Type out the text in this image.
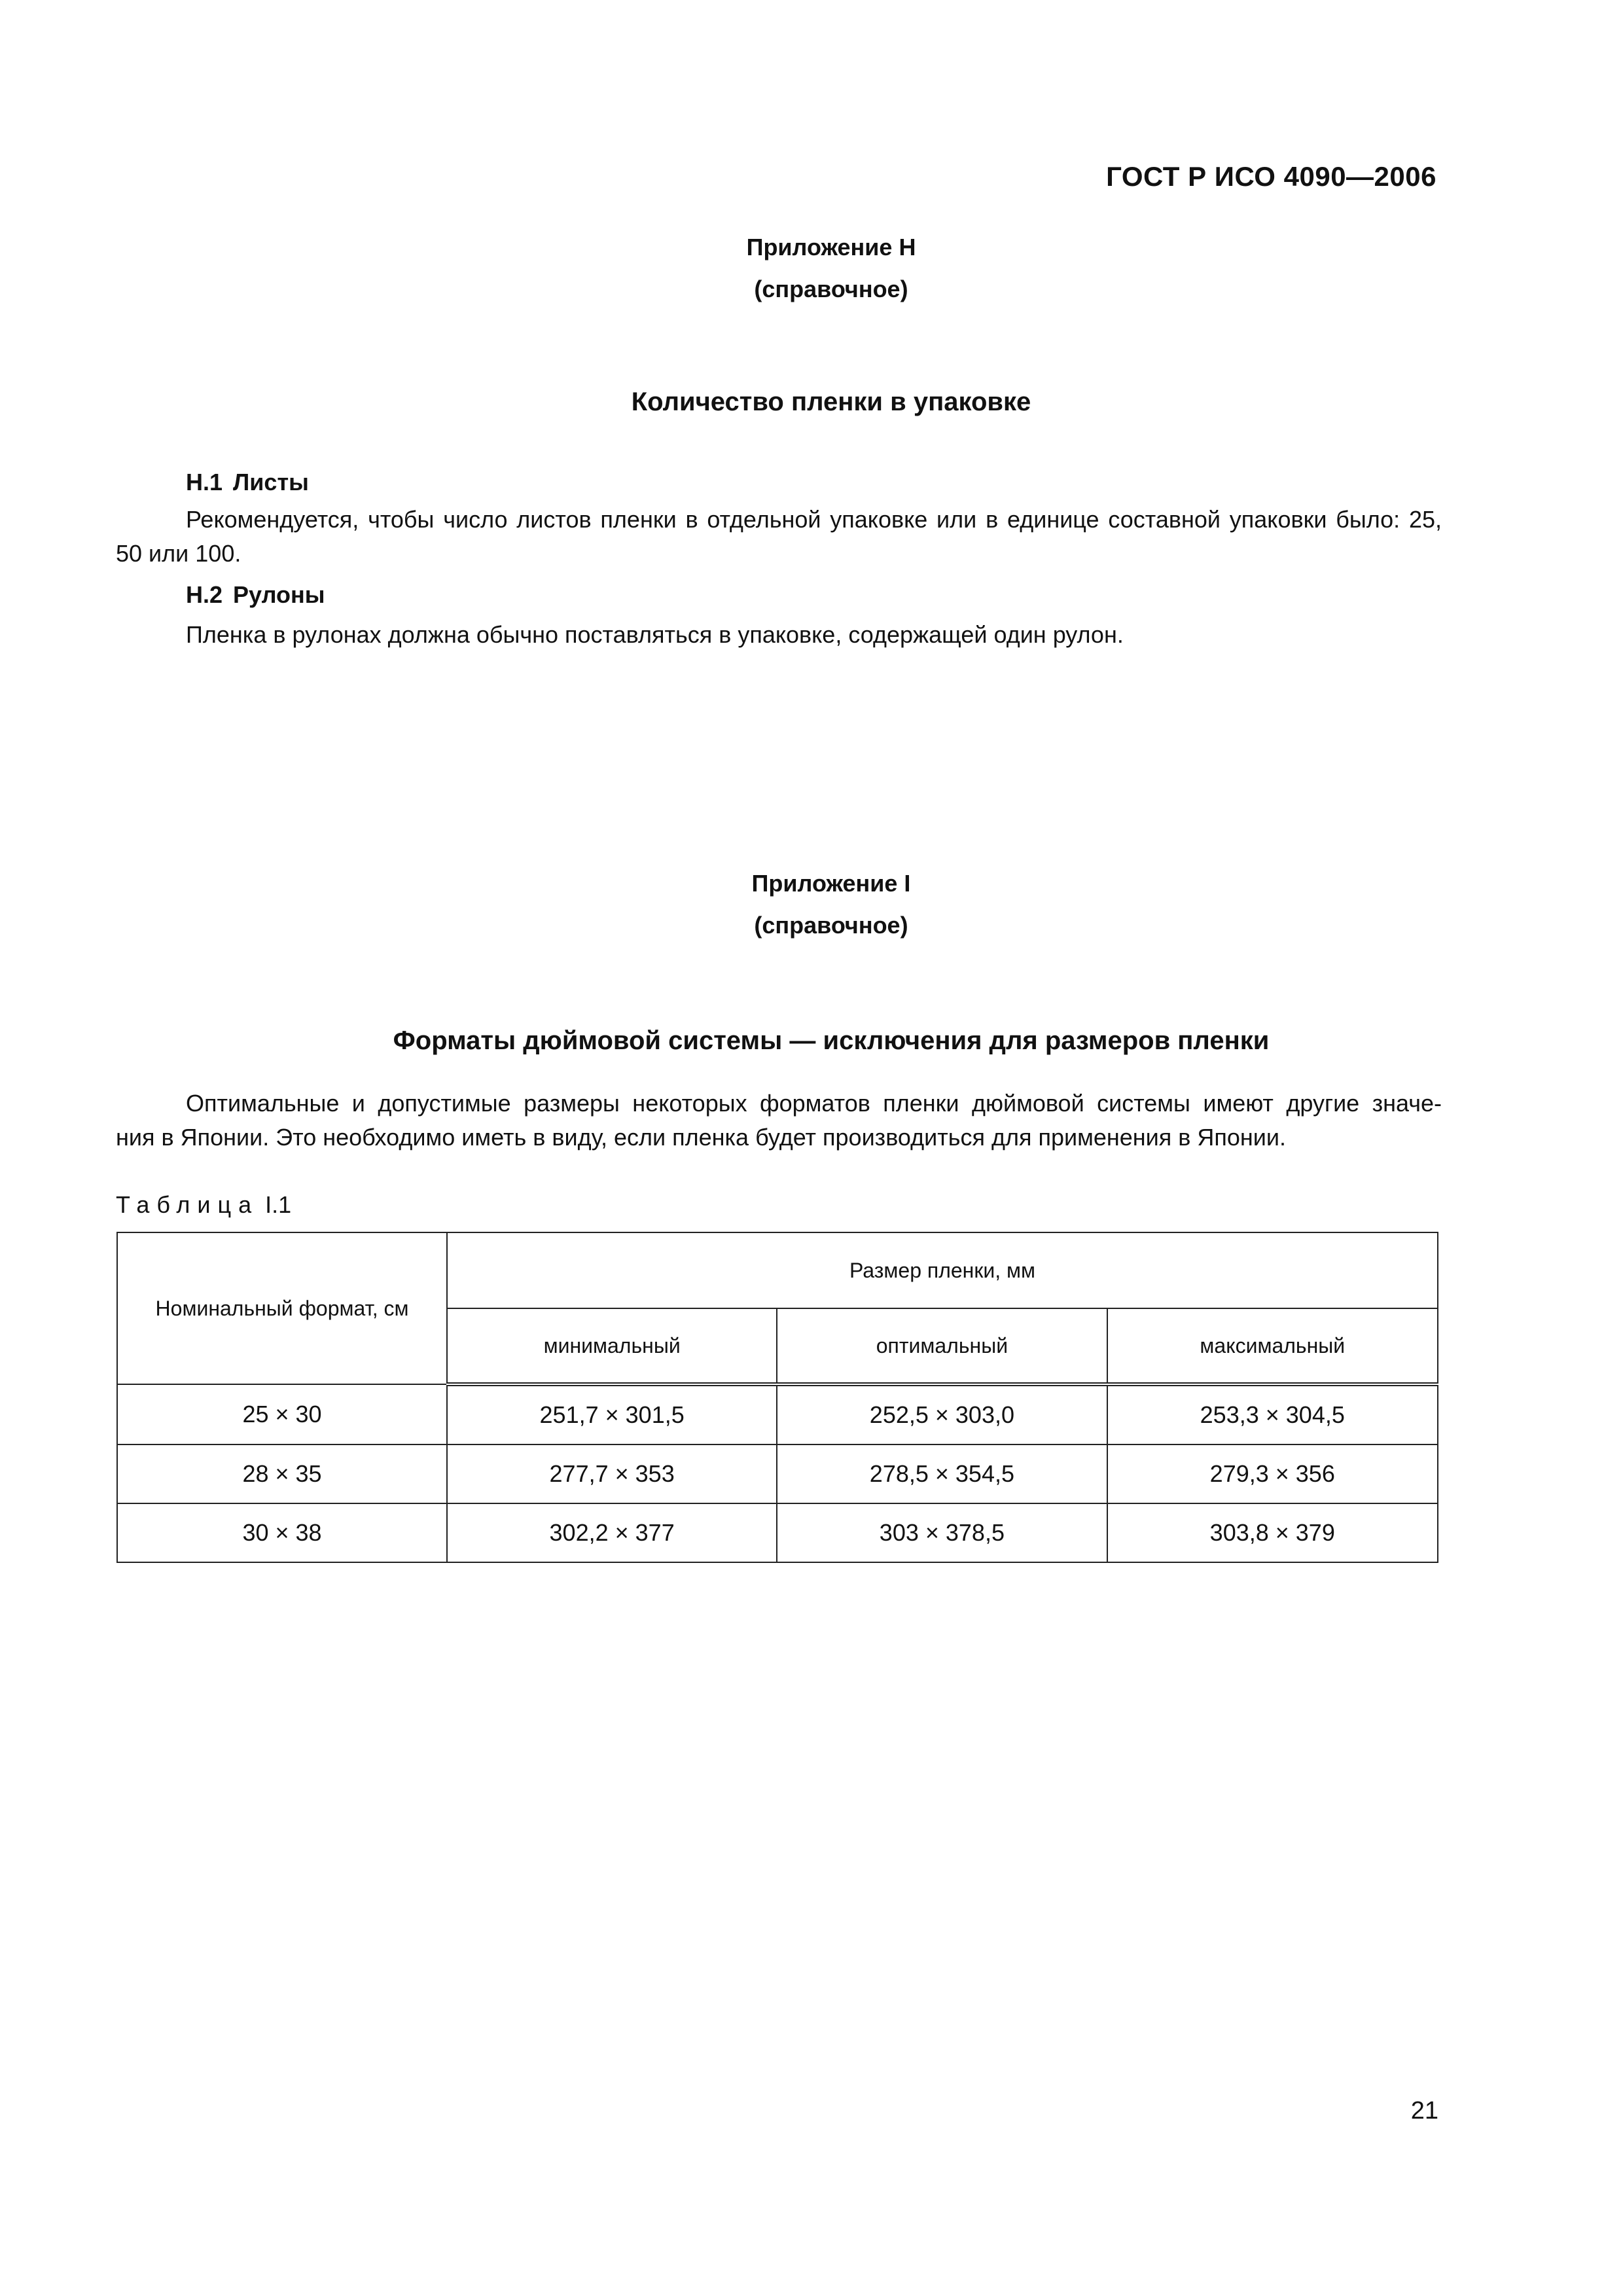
ГОСТ Р ИСО 4090—2006
Приложение H
(справочное)
Количество пленки в упаковке
H.1 Листы
Рекомендуется, чтобы число листов пленки в отдельной упаковке или в единице составной упаковки было: 25,
50 или 100.
H.2 Рулоны
Пленка в рулонах должна обычно поставляться в упаковке, содержащей один рулон.
Приложение I
(справочное)
Форматы дюймовой системы — исключения для размеров пленки
Оптимальные и допустимые размеры некоторых форматов пленки дюймовой системы имеют другие значе-
ния в Японии. Это необходимо иметь в виду, если пленка будет производиться для применения в Японии.
Таблица I.1
Номинальный формат, см	Размер пленки, мм		
	минимальный	оптимальный	максимальный
25 × 30	251,7 × 301,5	252,5 × 303,0	253,3 × 304,5
28 × 35	277,7 × 353	278,5 × 354,5	279,3 × 356
30 × 38	302,2 × 377	303 × 378,5	303,8 × 379
21
